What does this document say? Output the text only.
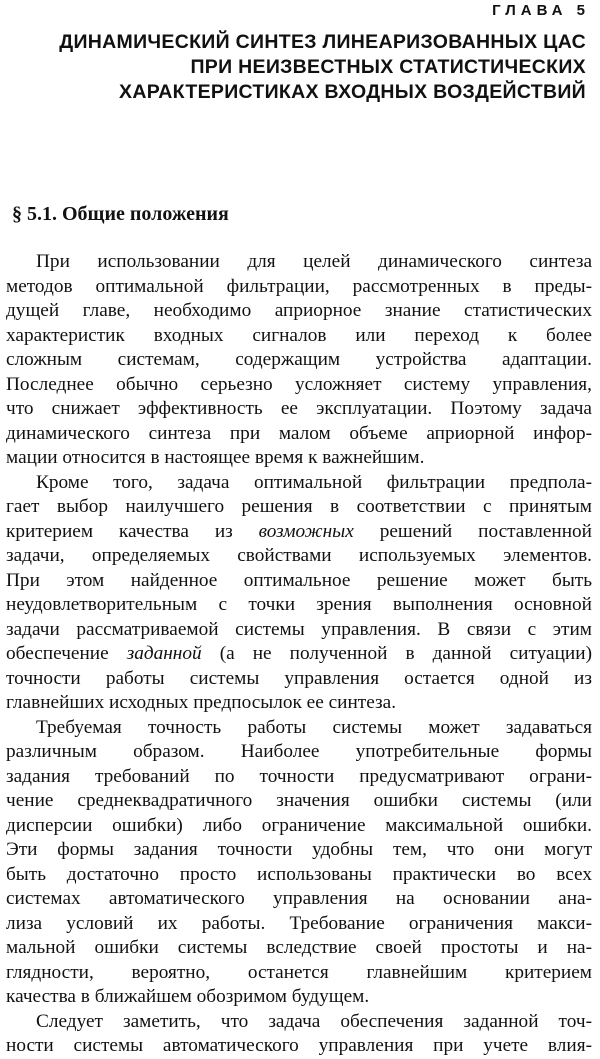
ГЛАВА 5
ДИНАМИЧЕСКИЙ СИНТЕЗ ЛИНЕАРИЗОВАННЫХ ЦАС
ПРИ НЕИЗВЕСТНЫХ СТАТИСТИЧЕСКИХ
ХАРАКТЕРИСТИКАХ ВХОДНЫХ ВОЗДЕЙСТВИЙ
§ 5.1. Общие положения
При использовании для целей динамического синтеза
методов оптимальной фильтрации, рассмотренных в преды-
дущей главе, необходимо априорное знание статистических
характеристик входных сигналов или переход к более
сложным системам, содержащим устройства адаптации.
Последнее обычно серьезно усложняет систему управления,
что снижает эффективность ее эксплуатации. Поэтому задача
динамического синтеза при малом объеме априорной инфор-
мации относится в настоящее время к важнейшим.
Кроме того, задача оптимальной фильтрации предпола-
гает выбор наилучшего решения в соответствии с принятым
критерием качества из возможных решений поставленной
задачи, определяемых свойствами используемых элементов.
При этом найденное оптимальное решение может быть
неудовлетворительным с точки зрения выполнения основной
задачи рассматриваемой системы управления. В связи с этим
обеспечение заданной (а не полученной в данной ситуации)
точности работы системы управления остается одной из
главнейших исходных предпосылок ее синтеза.
Требуемая точность работы системы может задаваться
различным образом. Наиболее употребительные формы
задания требований по точности предусматривают ограни-
чение среднеквадратичного значения ошибки системы (или
дисперсии ошибки) либо ограничение максимальной ошибки.
Эти формы задания точности удобны тем, что они могут
быть достаточно просто использованы практически во всех
системах автоматического управления на основании ана-
лиза условий их работы. Требование ограничения макси-
мальной ошибки системы вследствие своей простоты и на-
глядности, вероятно, останется главнейшим критерием
качества в ближайшем обозримом будущем.
Следует заметить, что задача обеспечения заданной точ-
ности системы автоматического управления при учете влия-
